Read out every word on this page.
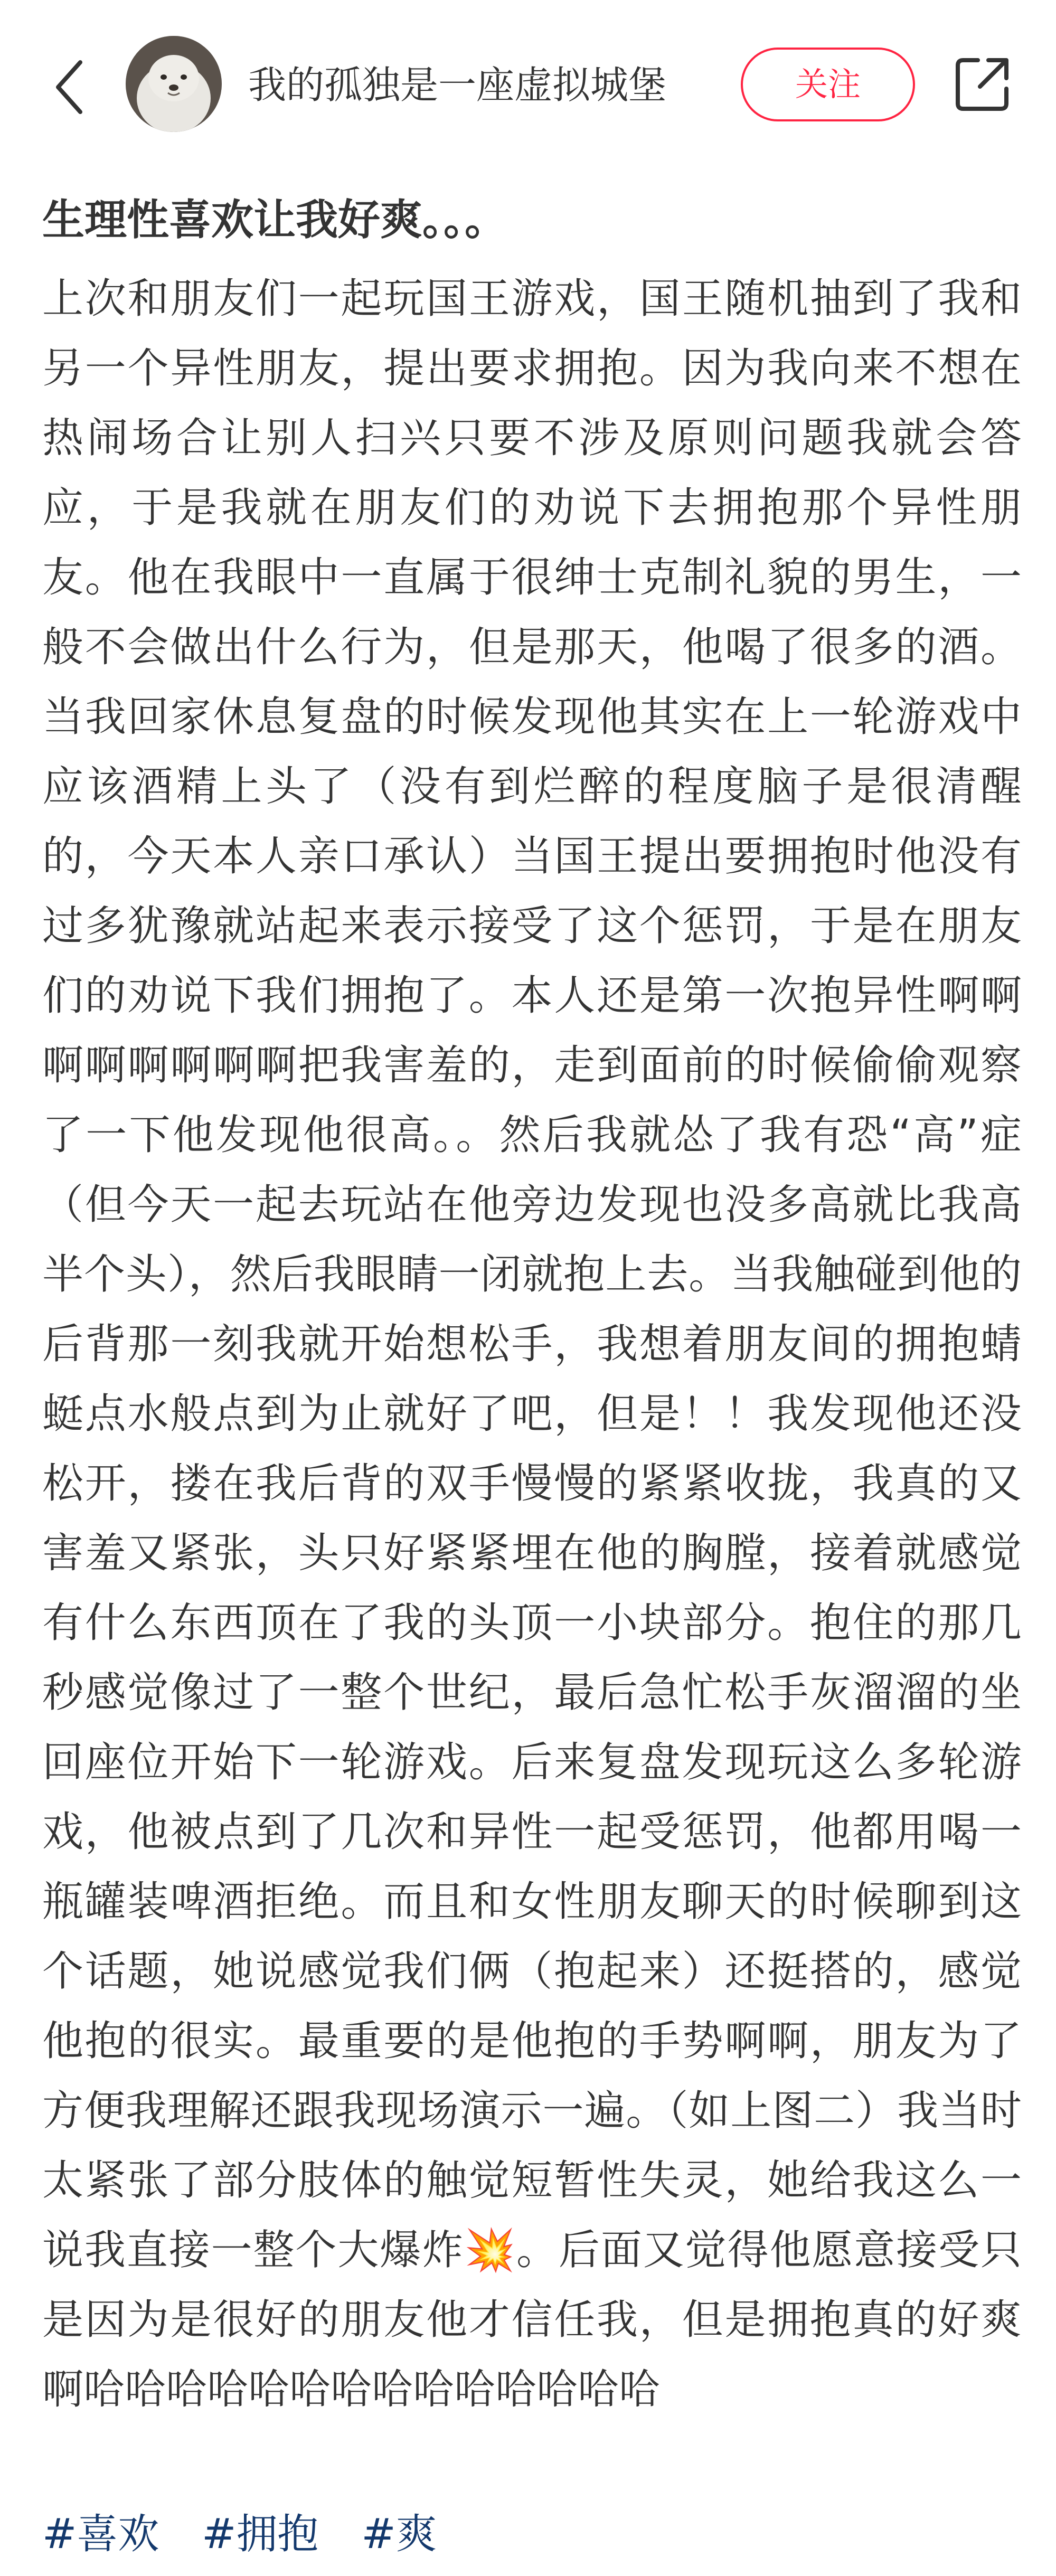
我的孤独是一座虚拟城堡	关注
生理性喜欢让我好爽。。。

上次和朋友们一起玩国王游戏，国王随机抽到了我和另一个异性朋友，提出要求拥抱。因为我向来不想在热闹场合让别人扫兴只要不涉及原则问题我就会答应，于是我就在朋友们的劝说下去拥抱那个异性朋友。他在我眼中一直属于很绅士克制礼貌的男生，一般不会做出什么行为，但是那天，他喝了很多的酒。当我回家休息复盘的时候发现他其实在上一轮游戏中应该酒精上头了（没有到烂醉的程度脑子是很清醒的，今天本人亲口承认）当国王提出要拥抱时他没有过多犹豫就站起来表示接受了这个惩罚，于是在朋友们的劝说下我们拥抱了。本人还是第一次抱异性啊啊啊啊啊啊啊啊把我害羞的，走到面前的时候偷偷观察了一下他发现他很高。。然后我就怂了我有恐“高”症（但今天一起去玩站在他旁边发现也没多高就比我高半个头），然后我眼睛一闭就抱上去。当我触碰到他的后背那一刻我就开始想松手，我想着朋友间的拥抱蜻蜓点水般点到为止就好了吧，但是！！我发现他还没松开，搂在我后背的双手慢慢的紧紧收拢，我真的又害羞又紧张，头只好紧紧埋在他的胸膛，接着就感觉有什么东西顶在了我的头顶一小块部分。抱住的那几秒感觉像过了一整个世纪，最后急忙松手灰溜溜的坐回座位开始下一轮游戏。后来复盘发现玩这么多轮游戏，他被点到了几次和异性一起受惩罚，他都用喝一瓶罐装啤酒拒绝。而且和女性朋友聊天的时候聊到这个话题，她说感觉我们俩（抱起来）还挺搭的，感觉他抱的很实。最重要的是他抱的手势啊啊，朋友为了方便我理解还跟我现场演示一遍。（如上图二）我当时太紧张了部分肢体的触觉短暂性失灵，她给我这么一说我直接一整个大爆炸💥。后面又觉得他愿意接受只是因为是很好的朋友他才信任我，但是拥抱真的好爽啊哈哈哈哈哈哈哈哈哈哈哈哈哈哈

#喜欢 #拥抱 #爽
